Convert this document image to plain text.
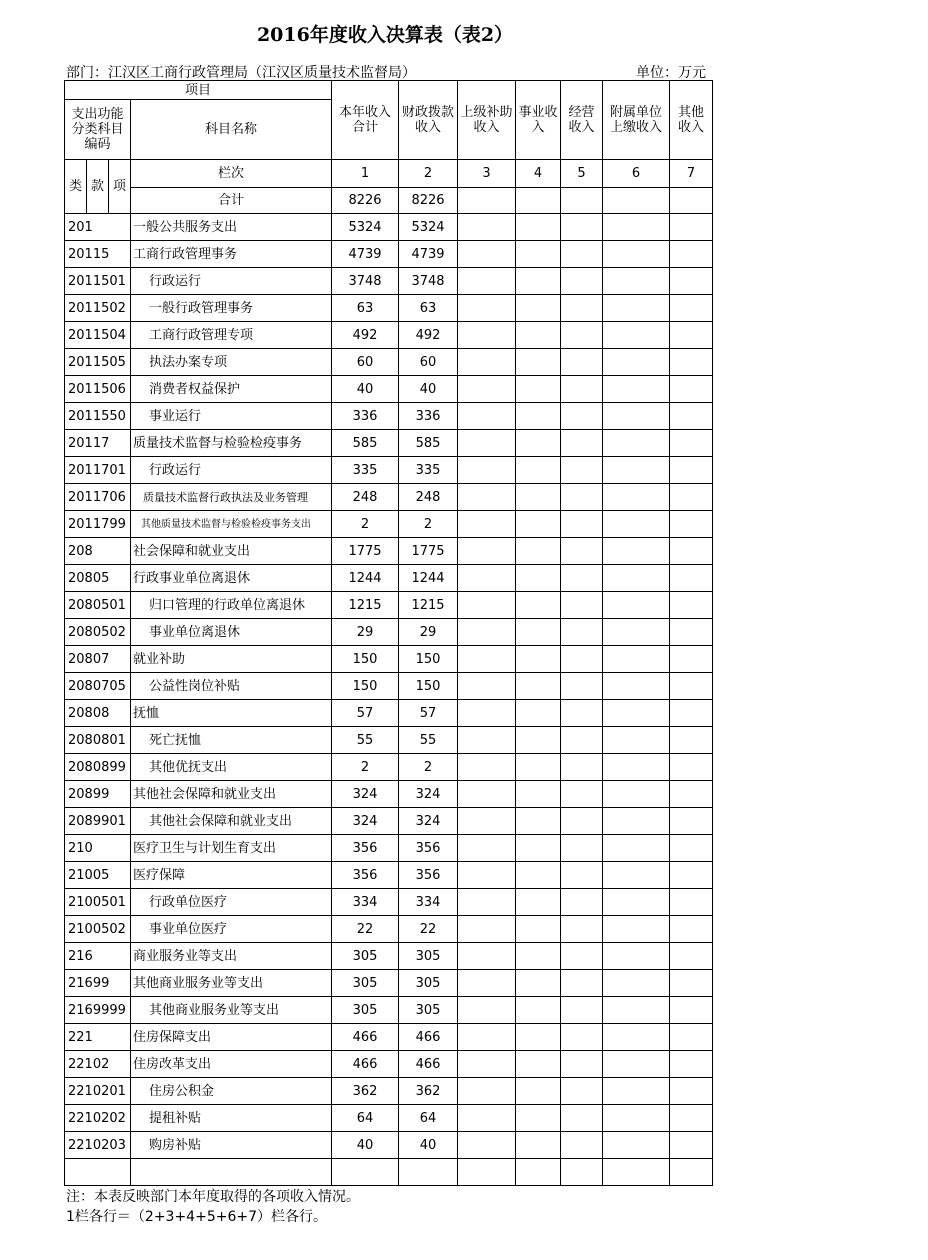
2016年度收入决算表（表2）
部门：江汉区工商行政管理局（江汉区质量技术监督局）	单位：万元
项目				本年收入合计	财政拨款收入	上级补助收入	事业收入	经营收入	附属单位上缴收入	其他收入
支出功能分类科目编码			科目名称							
类	款	项								
			栏次	1	2	3	4	5	6	7
			合计	8226	8226					
201			一般公共服务支出	5324	5324					
20115			工商行政管理事务	4739	4739					
2011501			行政运行	3748	3748					
2011502			一般行政管理事务	63	63					
2011504			工商行政管理专项	492	492					
2011505			执法办案专项	60	60					
2011506			消费者权益保护	40	40					
2011550			事业运行	336	336					
20117			质量技术监督与检验检疫事务	585	585					
2011701			行政运行	335	335					
2011706			质量技术监督行政执法及业务管理	248	248					
2011799			其他质量技术监督与检验检疫事务支出	2	2					
208			社会保障和就业支出	1775	1775					
20805			行政事业单位离退休	1244	1244					
2080501			归口管理的行政单位离退休	1215	1215					
2080502			事业单位离退休	29	29					
20807			就业补助	150	150					
2080705			公益性岗位补贴	150	150					
20808			抚恤	57	57					
2080801			死亡抚恤	55	55					
2080899			其他优抚支出	2	2					
20899			其他社会保障和就业支出	324	324					
2089901			其他社会保障和就业支出	324	324					
210			医疗卫生与计划生育支出	356	356					
21005			医疗保障	356	356					
2100501			行政单位医疗	334	334					
2100502			事业单位医疗	22	22					
216			商业服务业等支出	305	305					
21699			其他商业服务业等支出	305	305					
2169999			其他商业服务业等支出	305	305					
221			住房保障支出	466	466					
22102			住房改革支出	466	466					
2210201			住房公积金	362	362					
2210202			提租补贴	64	64					
2210203			购房补贴	40	40					

注：本表反映部门本年度取得的各项收入情况。
1栏各行＝（2+3+4+5+6+7）栏各行。
